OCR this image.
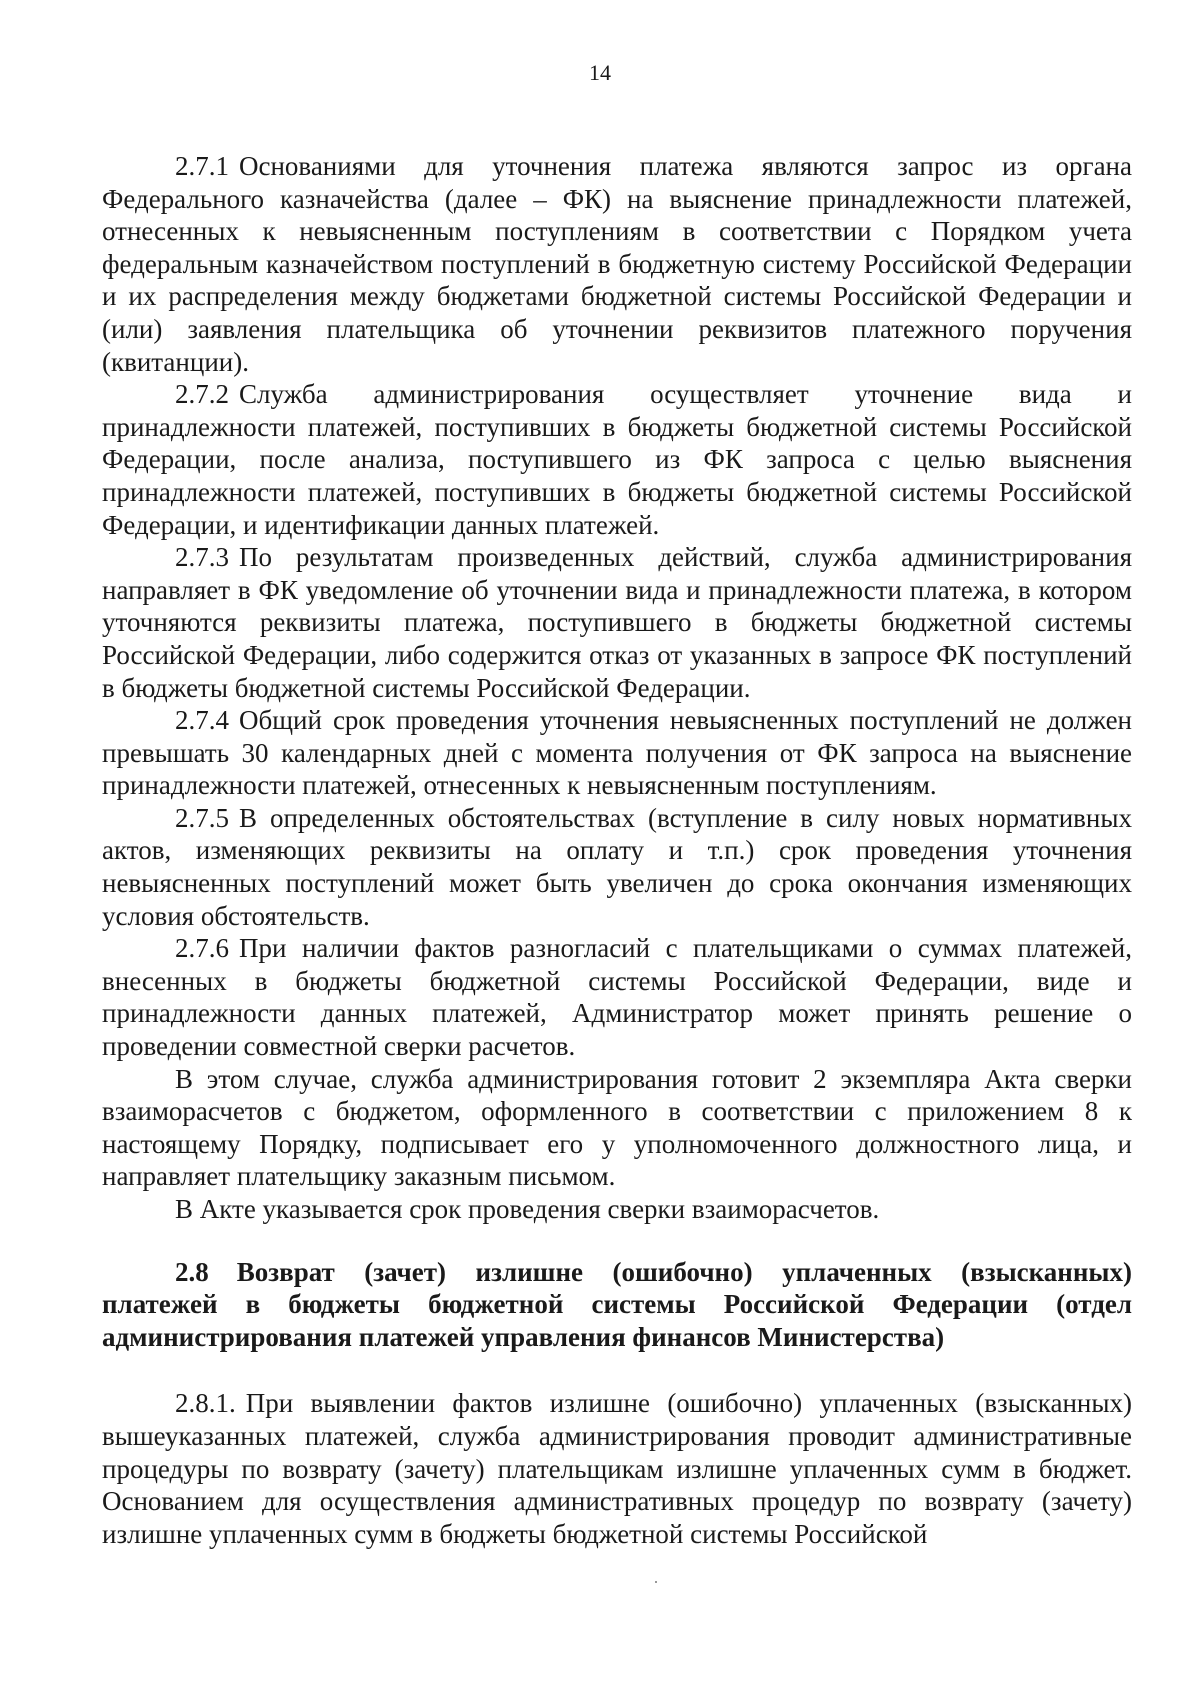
14

2.7.1 Основаниями для уточнения платежа являются запрос из органа Федерального казначейства (далее – ФК) на выяснение принадлежности платежей, отнесенных к невыясненным поступлениям в соответствии с Порядком учета федеральным казначейством поступлений в бюджетную систему Российской Федерации и их распределения между бюджетами бюджетной системы Российской Федерации и (или) заявления плательщика об уточнении реквизитов платежного поручения (квитанции).

2.7.2 Служба администрирования осуществляет уточнение вида и принадлежности платежей, поступивших в бюджеты бюджетной системы Российской Федерации, после анализа, поступившего из ФК запроса с целью выяснения принадлежности платежей, поступивших в бюджеты бюджетной системы Российской Федерации, и идентификации данных платежей.

2.7.3 По результатам произведенных действий, служба администрирования направляет в ФК уведомление об уточнении вида и принадлежности платежа, в котором уточняются реквизиты платежа, поступившего в бюджеты бюджетной системы Российской Федерации, либо содержится отказ от указанных в запросе ФК поступлений в бюджеты бюджетной системы Российской Федерации.

2.7.4 Общий срок проведения уточнения невыясненных поступлений не должен превышать 30 календарных дней с момента получения от ФК запроса на выяснение принадлежности платежей, отнесенных к невыясненным поступлениям.

2.7.5 В определенных обстоятельствах (вступление в силу новых нормативных актов, изменяющих реквизиты на оплату и т.п.) срок проведения уточнения невыясненных поступлений может быть увеличен до срока окончания изменяющих условия обстоятельств.

2.7.6 При наличии фактов разногласий с плательщиками о суммах платежей, внесенных в бюджеты бюджетной системы Российской Федерации, виде и принадлежности данных платежей, Администратор может принять решение о проведении совместной сверки расчетов.

В этом случае, служба администрирования готовит 2 экземпляра Акта сверки взаиморасчетов с бюджетом, оформленного в соответствии с приложением 8 к настоящему Порядку, подписывает его у уполномоченного должностного лица, и направляет плательщику заказным письмом.

В Акте указывается срок проведения сверки взаиморасчетов.

2.8 Возврат (зачет) излишне (ошибочно) уплаченных (взысканных) платежей в бюджеты бюджетной системы Российской Федерации (отдел администрирования платежей управления финансов Министерства)

2.8.1. При выявлении фактов излишне (ошибочно) уплаченных (взысканных) вышеуказанных платежей, служба администрирования проводит административные процедуры по возврату (зачету) плательщикам излишне уплаченных сумм в бюджет. Основанием для осуществления административных процедур по возврату (зачету) излишне уплаченных сумм в бюджеты бюджетной системы Российской
